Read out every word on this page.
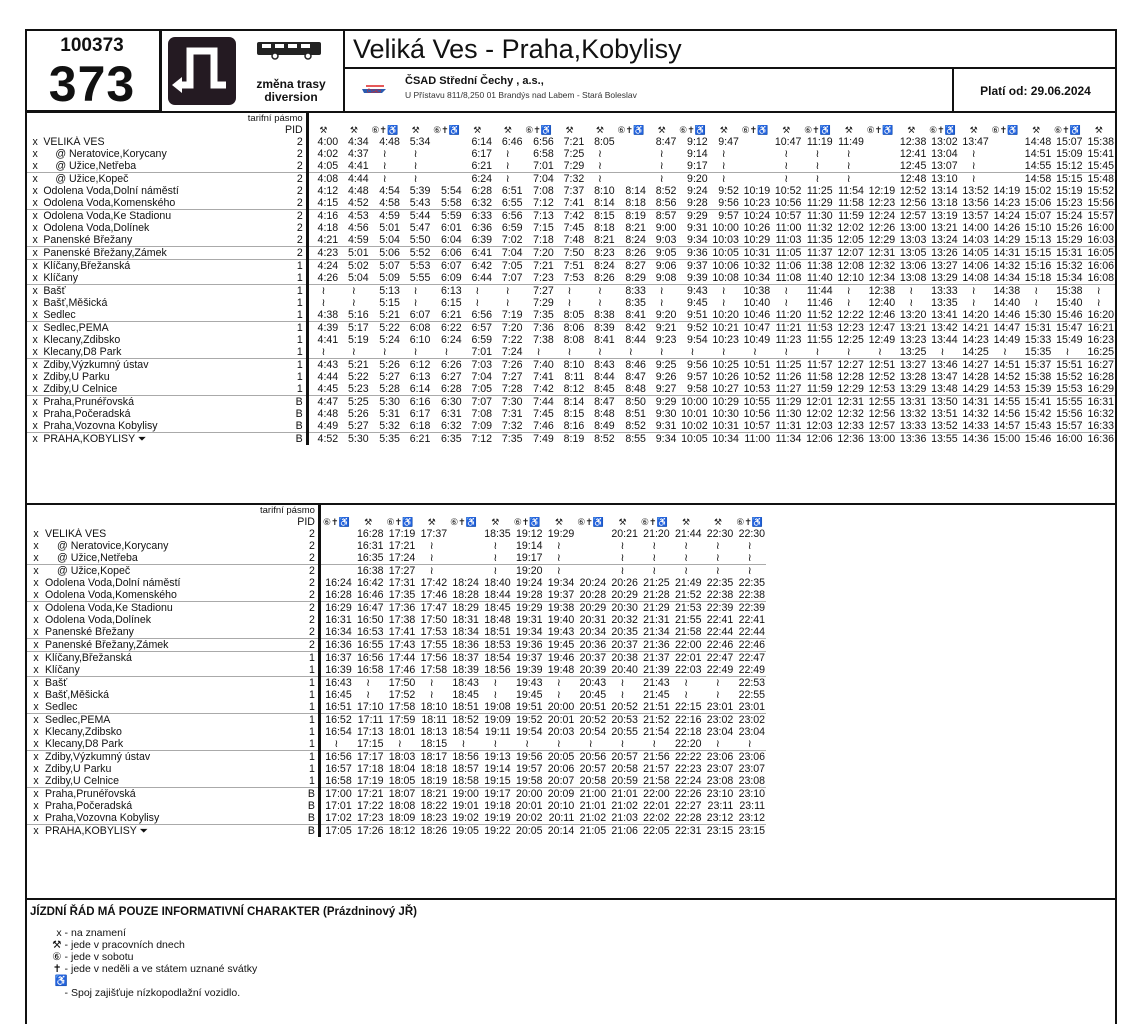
100373
373	změna trasy
diversion
Veliká Ves - Praha,Kobylisy
ČSAD
ČSAD Střední Čechy , a.s.,
U Přístavu 811/8,250 01 Brandýs nad Labem - Stará Boleslav	Platí od: 29.06.2024
		tarifní pásmo																										
		PID	⚒	⚒	⑥✝♿	⚒	⑥✝♿	⚒	⚒	⑥✝♿	⚒	⚒	⑥✝♿	⚒	⑥✝♿	⚒	⑥✝♿	⚒	⑥✝♿	⚒	⑥✝♿	⚒	⑥✝♿	⚒	⑥✝♿	⚒	⑥✝♿	⚒
x	VELIKÁ VES	2	4:00	4:34	4:48	5:34		6:14	6:46	6:56	7:21	8:05		8:47	9:12	9:47		10:47	11:19	11:49		12:38	13:02	13:47		14:48	15:07	15:38
x	@ Neratovice,Korycany	2	4:02	4:37	≀	≀		6:17	≀	6:58	7:25	≀		≀	9:14	≀		≀	≀	≀		12:41	13:04	≀		14:51	15:09	15:41
x	@ Užice,Netřeba	2	4:05	4:41	≀	≀		6:21	≀	7:01	7:29	≀		≀	9:17	≀		≀	≀	≀		12:45	13:07	≀		14:55	15:12	15:45
x	@ Užice,Kopeč	2	4:08	4:44	≀	≀		6:24	≀	7:04	7:32	≀		≀	9:20	≀		≀	≀	≀		12:48	13:10	≀		14:58	15:15	15:48
x	Odolena Voda,Dolní náměstí	2	4:12	4:48	4:54	5:39	5:54	6:28	6:51	7:08	7:37	8:10	8:14	8:52	9:24	9:52	10:19	10:52	11:25	11:54	12:19	12:52	13:14	13:52	14:19	15:02	15:19	15:52
x	Odolena Voda,Komenského	2	4:15	4:52	4:58	5:43	5:58	6:32	6:55	7:12	7:41	8:14	8:18	8:56	9:28	9:56	10:23	10:56	11:29	11:58	12:23	12:56	13:18	13:56	14:23	15:06	15:23	15:56
x	Odolena Voda,Ke Stadionu	2	4:16	4:53	4:59	5:44	5:59	6:33	6:56	7:13	7:42	8:15	8:19	8:57	9:29	9:57	10:24	10:57	11:30	11:59	12:24	12:57	13:19	13:57	14:24	15:07	15:24	15:57
x	Odolena Voda,Dolínek	2	4:18	4:56	5:01	5:47	6:01	6:36	6:59	7:15	7:45	8:18	8:21	9:00	9:31	10:00	10:26	11:00	11:32	12:02	12:26	13:00	13:21	14:00	14:26	15:10	15:26	16:00
x	Panenské Břežany	2	4:21	4:59	5:04	5:50	6:04	6:39	7:02	7:18	7:48	8:21	8:24	9:03	9:34	10:03	10:29	11:03	11:35	12:05	12:29	13:03	13:24	14:03	14:29	15:13	15:29	16:03
x	Panenské Břežany,Zámek	2	4:23	5:01	5:06	5:52	6:06	6:41	7:04	7:20	7:50	8:23	8:26	9:05	9:36	10:05	10:31	11:05	11:37	12:07	12:31	13:05	13:26	14:05	14:31	15:15	15:31	16:05
x	Klíčany,Břežanská	1	4:24	5:02	5:07	5:53	6:07	6:42	7:05	7:21	7:51	8:24	8:27	9:06	9:37	10:06	10:32	11:06	11:38	12:08	12:32	13:06	13:27	14:06	14:32	15:16	15:32	16:06
x	Klíčany	1	4:26	5:04	5:09	5:55	6:09	6:44	7:07	7:23	7:53	8:26	8:29	9:08	9:39	10:08	10:34	11:08	11:40	12:10	12:34	13:08	13:29	14:08	14:34	15:18	15:34	16:08
x	Bašť	1	≀	≀	5:13	≀	6:13	≀	≀	7:27	≀	≀	8:33	≀	9:43	≀	10:38	≀	11:44	≀	12:38	≀	13:33	≀	14:38	≀	15:38	≀
x	Bašť,Měšická	1	≀	≀	5:15	≀	6:15	≀	≀	7:29	≀	≀	8:35	≀	9:45	≀	10:40	≀	11:46	≀	12:40	≀	13:35	≀	14:40	≀	15:40	≀
x	Sedlec	1	4:38	5:16	5:21	6:07	6:21	6:56	7:19	7:35	8:05	8:38	8:41	9:20	9:51	10:20	10:46	11:20	11:52	12:22	12:46	13:20	13:41	14:20	14:46	15:30	15:46	16:20
x	Sedlec,PEMA	1	4:39	5:17	5:22	6:08	6:22	6:57	7:20	7:36	8:06	8:39	8:42	9:21	9:52	10:21	10:47	11:21	11:53	12:23	12:47	13:21	13:42	14:21	14:47	15:31	15:47	16:21
x	Klecany,Zdibsko	1	4:41	5:19	5:24	6:10	6:24	6:59	7:22	7:38	8:08	8:41	8:44	9:23	9:54	10:23	10:49	11:23	11:55	12:25	12:49	13:23	13:44	14:23	14:49	15:33	15:49	16:23
x	Klecany,D8 Park	1	≀	≀	≀	≀	≀	7:01	7:24	≀	≀	≀	≀	≀	≀	≀	≀	≀	≀	≀	≀	13:25	≀	14:25	≀	15:35	≀	16:25
x	Zdiby,Výzkumný ústav	1	4:43	5:21	5:26	6:12	6:26	7:03	7:26	7:40	8:10	8:43	8:46	9:25	9:56	10:25	10:51	11:25	11:57	12:27	12:51	13:27	13:46	14:27	14:51	15:37	15:51	16:27
x	Zdiby,U Parku	1	4:44	5:22	5:27	6:13	6:27	7:04	7:27	7:41	8:11	8:44	8:47	9:26	9:57	10:26	10:52	11:26	11:58	12:28	12:52	13:28	13:47	14:28	14:52	15:38	15:52	16:28
x	Zdiby,U Celnice	1	4:45	5:23	5:28	6:14	6:28	7:05	7:28	7:42	8:12	8:45	8:48	9:27	9:58	10:27	10:53	11:27	11:59	12:29	12:53	13:29	13:48	14:29	14:53	15:39	15:53	16:29
x	Praha,Prunéřovská	B	4:47	5:25	5:30	6:16	6:30	7:07	7:30	7:44	8:14	8:47	8:50	9:29	10:00	10:29	10:55	11:29	12:01	12:31	12:55	13:31	13:50	14:31	14:55	15:41	15:55	16:31
x	Praha,Počeradská	B	4:48	5:26	5:31	6:17	6:31	7:08	7:31	7:45	8:15	8:48	8:51	9:30	10:01	10:30	10:56	11:30	12:02	12:32	12:56	13:32	13:51	14:32	14:56	15:42	15:56	16:32
x	Praha,Vozovna Kobylisy	B	4:49	5:27	5:32	6:18	6:32	7:09	7:32	7:46	8:16	8:49	8:52	9:31	10:02	10:31	10:57	11:31	12:03	12:33	12:57	13:33	13:52	14:33	14:57	15:43	15:57	16:33
x	PRAHA,KOBYLISY ⏷	B	4:52	5:30	5:35	6:21	6:35	7:12	7:35	7:49	8:19	8:52	8:55	9:34	10:05	10:34	11:00	11:34	12:06	12:36	13:00	13:36	13:55	14:36	15:00	15:46	16:00	16:36
		tarifní pásmo														
		PID	⑥✝♿	⚒	⑥✝♿	⚒	⑥✝♿	⚒	⑥✝♿	⚒	⑥✝♿	⚒	⑥✝♿	⚒	⚒	⑥✝♿
x	VELIKÁ VES	2		16:28	17:19	17:37		18:35	19:12	19:29		20:21	21:20	21:44	22:30	22:30
x	@ Neratovice,Korycany	2		16:31	17:21	≀		≀	19:14	≀		≀	≀	≀	≀	≀
x	@ Užice,Netřeba	2		16:35	17:24	≀		≀	19:17	≀		≀	≀	≀	≀	≀
x	@ Užice,Kopeč	2		16:38	17:27	≀		≀	19:20	≀		≀	≀	≀	≀	≀
x	Odolena Voda,Dolní náměstí	2	16:24	16:42	17:31	17:42	18:24	18:40	19:24	19:34	20:24	20:26	21:25	21:49	22:35	22:35
x	Odolena Voda,Komenského	2	16:28	16:46	17:35	17:46	18:28	18:44	19:28	19:37	20:28	20:29	21:28	21:52	22:38	22:38
x	Odolena Voda,Ke Stadionu	2	16:29	16:47	17:36	17:47	18:29	18:45	19:29	19:38	20:29	20:30	21:29	21:53	22:39	22:39
x	Odolena Voda,Dolínek	2	16:31	16:50	17:38	17:50	18:31	18:48	19:31	19:40	20:31	20:32	21:31	21:55	22:41	22:41
x	Panenské Břežany	2	16:34	16:53	17:41	17:53	18:34	18:51	19:34	19:43	20:34	20:35	21:34	21:58	22:44	22:44
x	Panenské Břežany,Zámek	2	16:36	16:55	17:43	17:55	18:36	18:53	19:36	19:45	20:36	20:37	21:36	22:00	22:46	22:46
x	Klíčany,Břežanská	1	16:37	16:56	17:44	17:56	18:37	18:54	19:37	19:46	20:37	20:38	21:37	22:01	22:47	22:47
x	Klíčany	1	16:39	16:58	17:46	17:58	18:39	18:56	19:39	19:48	20:39	20:40	21:39	22:03	22:49	22:49
x	Bašť	1	16:43	≀	17:50	≀	18:43	≀	19:43	≀	20:43	≀	21:43	≀	≀	22:53
x	Bašť,Měšická	1	16:45	≀	17:52	≀	18:45	≀	19:45	≀	20:45	≀	21:45	≀	≀	22:55
x	Sedlec	1	16:51	17:10	17:58	18:10	18:51	19:08	19:51	20:00	20:51	20:52	21:51	22:15	23:01	23:01
x	Sedlec,PEMA	1	16:52	17:11	17:59	18:11	18:52	19:09	19:52	20:01	20:52	20:53	21:52	22:16	23:02	23:02
x	Klecany,Zdibsko	1	16:54	17:13	18:01	18:13	18:54	19:11	19:54	20:03	20:54	20:55	21:54	22:18	23:04	23:04
x	Klecany,D8 Park	1	≀	17:15	≀	18:15	≀	≀	≀	≀	≀	≀	≀	22:20	≀	≀
x	Zdiby,Výzkumný ústav	1	16:56	17:17	18:03	18:17	18:56	19:13	19:56	20:05	20:56	20:57	21:56	22:22	23:06	23:06
x	Zdiby,U Parku	1	16:57	17:18	18:04	18:18	18:57	19:14	19:57	20:06	20:57	20:58	21:57	22:23	23:07	23:07
x	Zdiby,U Celnice	1	16:58	17:19	18:05	18:19	18:58	19:15	19:58	20:07	20:58	20:59	21:58	22:24	23:08	23:08
x	Praha,Prunéřovská	B	17:00	17:21	18:07	18:21	19:00	19:17	20:00	20:09	21:00	21:01	22:00	22:26	23:10	23:10
x	Praha,Počeradská	B	17:01	17:22	18:08	18:22	19:01	19:18	20:01	20:10	21:01	21:02	22:01	22:27	23:11	23:11
x	Praha,Vozovna Kobylisy	B	17:02	17:23	18:09	18:23	19:02	19:19	20:02	20:11	21:02	21:03	22:02	22:28	23:12	23:12
x	PRAHA,KOBYLISY ⏷	B	17:05	17:26	18:12	18:26	19:05	19:22	20:05	20:14	21:05	21:06	22:05	22:31	23:15	23:15
JÍZDNÍ ŘÁD MÁ POUZE INFORMATIVNÍ CHARAKTER (Prázdninový JŘ)
x - na znamení
⚒ - jede v pracovních dnech
⑥ - jede v sobotu
✝ - jede v neděli a ve státem uznané svátky
♿ - Spoj zajišťuje nízkopodlažní vozidlo.
